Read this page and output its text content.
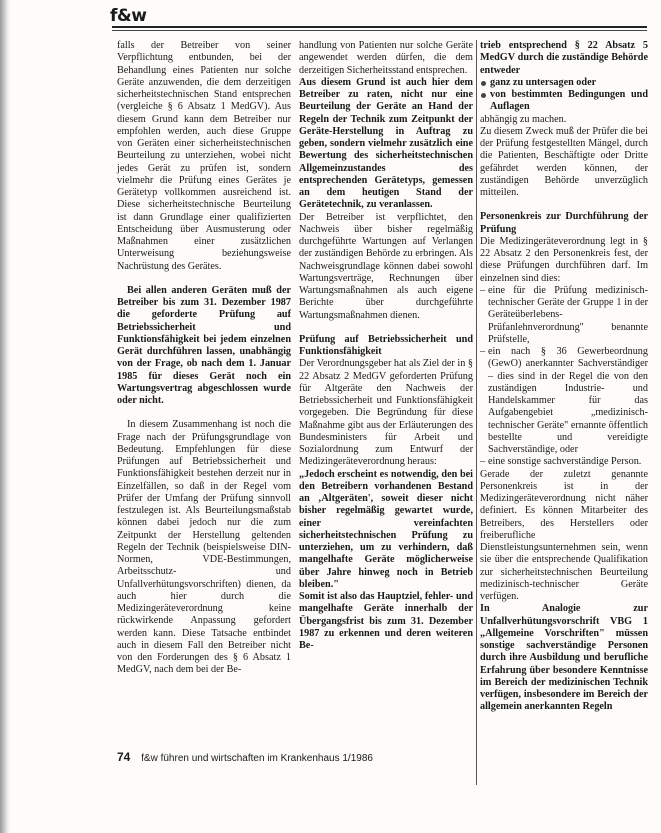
f&w

falls der Betreiber von seiner Verpflichtung entbunden, bei der Behandlung eines Patienten nur solche Geräte anzuwenden, die dem derzeitigen sicherheitstechnischen Stand entsprechen (vergleiche § 6 Absatz 1 MedGV). Aus diesem Grund kann dem Betreiber nur empfohlen werden, auch diese Gruppe von Geräten einer sicherheitstechnischen Beurteilung zu unterziehen, wobei nicht jedes Gerät zu prüfen ist, sondern vielmehr die Prüfung eines Gerätes je Gerätetyp vollkommen ausreichend ist. Diese sicherheitstechnische Beurteilung ist dann Grundlage einer qualifizierten Entscheidung über Ausmusterung oder Maßnahmen einer zusätzlichen Unterweisung beziehungsweise Nachrüstung des Gerätes.

Bei allen anderen Geräten muß der Betreiber bis zum 31. Dezember 1987 die geforderte Prüfung auf Betriebssicherheit und Funktionsfähigkeit bei jedem einzelnen Gerät durchführen lassen, unabhängig von der Frage, ob nach dem 1. Januar 1985 für dieses Gerät noch ein Wartungsvertrag abgeschlossen wurde oder nicht.

In diesem Zusammenhang ist noch die Frage nach der Prüfungsgrundlage von Bedeutung. Empfehlungen für diese Prüfungen auf Betriebssicherheit und Funktionsfähigkeit bestehen derzeit nur in Einzelfällen, so daß in der Regel vom Prüfer der Umfang der Prüfung sinnvoll festzulegen ist. Als Beurteilungsmaßstab können dabei jedoch nur die zum Zeitpunkt der Herstellung geltenden Regeln der Technik (beispielsweise DIN-Normen, VDE-Bestimmungen, Arbeitsschutz- und Unfallverhütungsvorschriften) dienen, da auch hier durch die Medizingeräteverordnung keine rückwirkende Anpassung gefordert werden kann. Diese Tatsache entbindet auch in diesem Fall den Betreiber nicht von den Forderungen des § 6 Absatz 1 MedGV, nach dem bei der Be-

handlung von Patienten nur solche Geräte angewendet werden dürfen, die dem derzeitigen Sicherheitsstand entsprechen.

Aus diesem Grund ist auch hier dem Betreiber zu raten, nicht nur eine Beurteilung der Geräte an Hand der Regeln der Technik zum Zeitpunkt der Geräte-Herstellung in Auftrag zu geben, sondern vielmehr zusätzlich eine Bewertung des sicherheitstechnischen Allgemeinzustandes des entsprechenden Gerätetyps, gemessen an dem heutigen Stand der Gerätetechnik, zu veranlassen.

Der Betreiber ist verpflichtet, den Nachweis über bisher regelmäßig durchgeführte Wartungen auf Verlangen der zuständigen Behörde zu erbringen. Als Nachweisgrundlage können dabei sowohl Wartungsverträge, Rechnungen über Wartungsmaßnahmen als auch eigene Berichte über durchgeführte Wartungsmaßnahmen dienen.

Prüfung auf Betriebssicherheit und Funktionsfähigkeit

Der Verordnungsgeber hat als Ziel der in § 22 Absatz 2 MedGV geforderten Prüfung für Altgeräte den Nachweis der Betriebssicherheit und Funktionsfähigkeit vorgegeben. Die Begründung für diese Maßnahme gibt aus der Erläuterungen des Bundesministers für Arbeit und Sozialordnung zum Entwurf der Medizingeräteverordnung heraus:

„Jedoch erscheint es notwendig, den bei den Betreibern vorhandenen Bestand an ‚Altgeräten', soweit dieser nicht bisher regelmäßig gewartet wurde, einer vereinfachten sicherheitstechnischen Prüfung zu unterziehen, um zu verhindern, daß mangelhafte Geräte möglicherweise über Jahre hinweg noch in Betrieb bleiben."

Somit ist also das Hauptziel, fehler- und mangelhafte Geräte innerhalb der Übergangsfrist bis zum 31. Dezember 1987 zu erkennen und deren weiteren Be-

trieb entsprechend § 22 Absatz 5 MedGV durch die zuständige Behörde entweder

ganz zu untersagen oder
von bestimmten Bedingungen und Auflagen

abhängig zu machen.

Zu diesem Zweck muß der Prüfer die bei der Prüfung festgestellten Mängel, durch die Patienten, Beschäftigte oder Dritte gefährdet werden können, der zuständigen Behörde unverzüglich mitteilen.

Personenkreis zur Durchführung der Prüfung

Die Medizingeräteverordnung legt in § 22 Absatz 2 den Personenkreis fest, der diese Prüfungen durchführen darf. Im einzelnen sind dies:

– eine für die Prüfung medizinisch-technischer Geräte der Gruppe 1 in der Geräteüberlebens-Prüfanlehnverordnung" benannte Prüfstelle,
– ein nach § 36 Gewerbeordnung (GewO) anerkannter Sachverständiger – dies sind in der Regel die von den zuständigen Industrie- und Handelskammer für das Aufgabengebiet „medizinisch-technischer Geräte" ernannte öffentlich bestellte und vereidigte Sachverständige, oder
– eine sonstige sachverständige Person.

Gerade der zuletzt genannte Personenkreis ist in der Medizingeräteverordnung nicht näher definiert. Es können Mitarbeiter des Betreibers, des Herstellers oder freiberufliche Dienstleistungsunternehmen sein, wenn sie über die entsprechende Qualifikation zur sicherheitstechnischen Beurteilung medizinisch-technischer Geräte verfügen.

In Analogie zur Unfallverhütungsvorschrift VBG 1 „Allgemeine Vorschriften" müssen sonstige sachverständige Personen durch ihre Ausbildung und berufliche Erfahrung über besondere Kenntnisse im Bereich der medizinischen Technik verfügen, insbesondere im Bereich der allgemein anerkannten Regeln

74 f&w führen und wirtschaften im Krankenhaus 1/1986
